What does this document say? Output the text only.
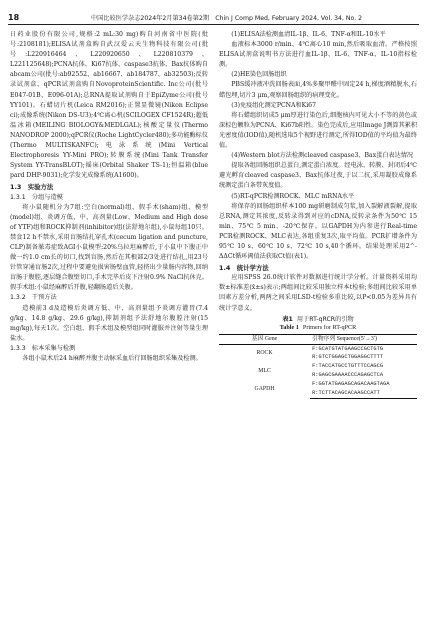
18	中国比较医学杂志2024年2月第34卷第2期　Chin J Comp Med, February 2024, Vol. 34, No. 2

日药业股份有限公司,规格:2 mL:30 mg)购自河南省中医院(批号:2108181);ELISA试剂盒购自武汉爱云天生物科技有限公司(批号:L220916464、L220920650、L220810379、L221125648);PCNA抗体、Ki67抗体、caspase3抗体、Bax抗体购自abcam公司(批号:ab92552、ab16667、ab184787、ab32503);反转录试剂盒、qPCR试剂盒购自NovoproteinScientific. Inc公司(批号E047-01B、E096-01A);总RNA提取试剂购自于EpiZyme公司(批号YY101)。石蜡切片机(Leica RM2016);正置显微镜(Nikon Eclipse ci);成像系统(Nikon DS-U3);4℃离心机(SCILOGEX CF1524R);超低温冰箱(MEILING BIOLOGY&MEDLGAL);核酸定量仪(Thermo NANODROP 2000);qPCR仪(Roche LightCycler480);多功能酶标仪(Thermo MULTISKANFC);电泳系统(Mini Vertical Electrophoresis YY-Mini PRO);转膜系统(Mini Tank Transfer System YY-TransBLOT);摇床(Orbital Shaker TS-1);恒温箱(blue pard DHP-9031);化学发光成像系统(A1600)。

1.3　实验方法

1.3.1　分组与造模

将小鼠随机分为7组:空白(normal)组、假手术(sham)组、模型(model)组、炎调方低、中、高剂量(Low、Medium and High dose of YTF)组和ROCK抑制剂(inhibitor)组(法舒地尔组),小鼠每组10只。禁食12 h不禁水,采用盲肠结扎穿孔术(cecum ligation and puncture, CLP)制备脓毒症致AGI小鼠模型:20%乌拉坦麻醉后,于小鼠中下腹正中做一约1.0 cm长的切口,找到盲肠,然后在其根部2/3处进行结扎,用23号针管穿通盲肠2次,过程中要避免损害肠壁血管,轻挤出少量肠内容物,回纳盲肠于腹腔,逐层缝合腹壁切口,手术完毕后皮下注射0.9% NaCl抗休克。假手术组:小鼠经麻醉后开腹,轻翻肠道后关腹。

1.3.2　干预方法

造模前3 d及造模后炎调方低、中、高剂量组予炎调方灌胃(7.4 g/kg、14.8 g/kg、29.6 g/kg),抑制剂组予法舒地尔腹腔注射(15 mg/kg),每天1次。空白组、假手术组及模型组同时灌服并注射等量生理盐水。

1.3.3　标本采集与检测

各组小鼠术后24 h麻醉并腹主动脉采血后行回肠组织采集及检测。

(1)ELISA法检测血清IL-1β、IL-6、TNF-α和IL-10水平

血液标本3000 r/min、4℃离心10 min,然后吸取血清。严格按照ELISA试剂盒说明书方法进行血IL-1β、IL-6、TNF-α、IL-10指标检测。

(2)HE染色回肠组织

PBS缓冲液冲洗回肠表面,4%多聚甲醛中固定24 h,梯度酒精脱水,石蜡包埋,切片3 μm,观察回肠组织的病理变化。

(3)免疫组化测定PCNA和Ki67

将石蜡组织切成5 μm厚进行染色后,细胞核内可见大小不等的黄色或深棕色颗粒为PCNA、Ki67b阳性。染色完成后,应用Image J测算其累积光密度值(IOD值),随机选取5个视野进行测定,所得IOD值的平均值为最终值。

(4)Western blot方法检测cleaved caspase3、Bax蛋白表达情况

提取各组回肠组织总蛋白,测定蛋白浓度。经电泳、转膜、封闭后4℃避光孵育cleaved caspase3、Bax抗体过夜,于以二抗,采用凝胶成像系统测定蛋白条带灰度值。

(5)RT-qPCR检测ROCK、MLC mRNA水平

将保存的回肠组织样本100 mg研磨制成匀浆,加入裂解液裂解,提取总RNA,测定其浓度,反转录得到对应的cDNA,反转录条件为50℃ 15 min、75℃ 5 min、-20℃保存。以GAPDH为内参进行Real-time PCR检测ROCK、MLC表达,各组重复3次,取平均值。PCR扩增条件为95℃ 10 s、60℃ 10 s、72℃ 10 s,40个循环。结果处理采用2^-ΔΔCt循环阈值法获取Ct值(表1)。

1.4　统计学方法

应用SPSS 26.0统计软件对数据进行统计学分析。计量资料采用均数±标准差(x̄±s)表示;两组间比较采用独立样本t检验;多组间比较采用单因素方差分析,两两之间采用LSD-t检验多重比较,以P<0.05为差异具有统计学意义。

表1 用于RT-qRCR的引物
Table 1 Primers for RT-qPCR
基因 Gene	引物序列 Sequence(5′→3′)
ROCK	F:GCATGTATGAAGCCGCTGTG
	R:GTCTGGAGCTGGAGGCTTTT
MLC	F:TACCATGCCTGTTTCCAGCG
	R:GAGCGAAAACCCAGAGCTCA
GAPDH	F:GGTATGAGAGCAGACAAGTAGA
	R:TCTTACAGCACAAGCCATT
